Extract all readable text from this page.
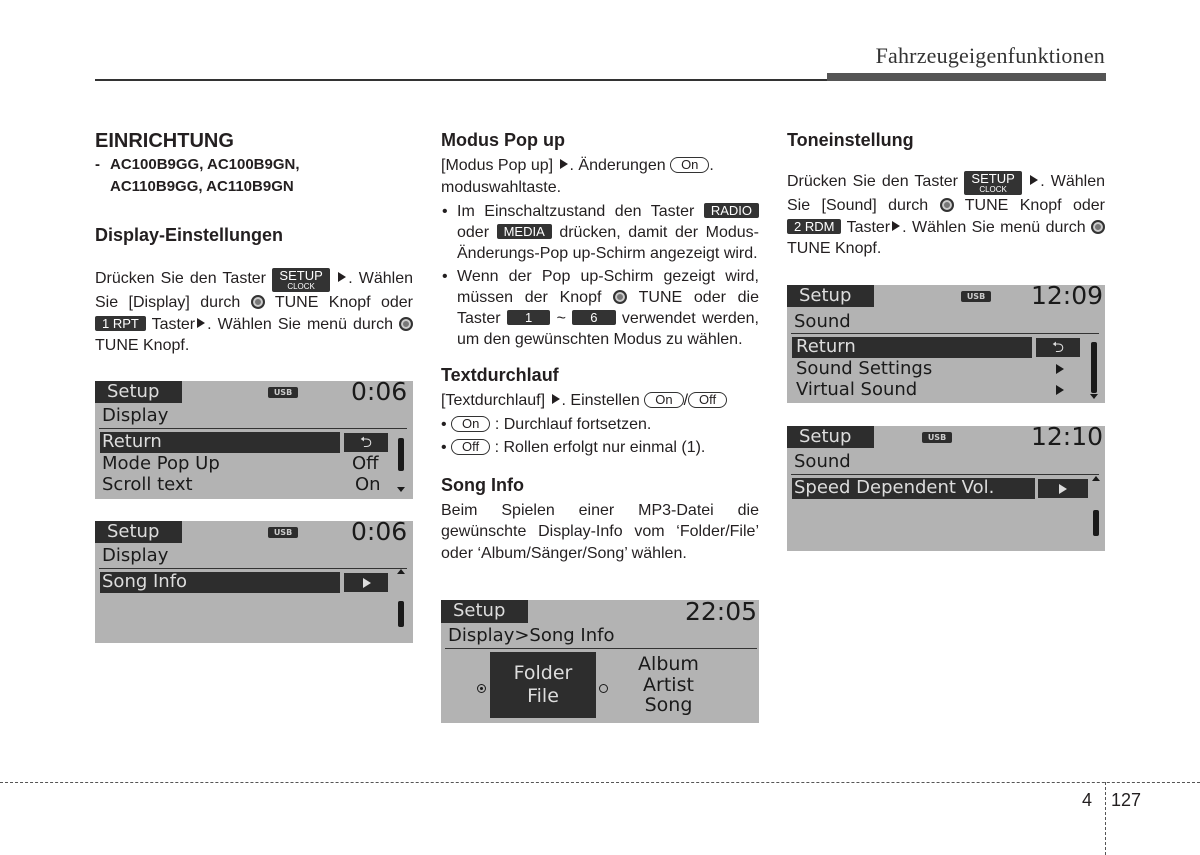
Fahrzeugeigenfunktionen
EINRICHTUNG
- AC100B9GG, AC100B9GN,
AC110B9GG, AC110B9GN
Display-Einstellungen

Drücken Sie den Taster	SETUP
CLOCK	. Wählen Sie [Display] durch TUNE Knopf oder 1 RPT Taster . Wählen Sie menü durch  TUNE Knopf.

Setup	USB 0:06
Display
Return	⮌
Mode Pop Up	Off
Scroll text	On
Setup	USB 0:06
Display
Song Info
Modus Pop up

[Modus Pop up] . Änderungen On .
moduswahltaste.

• Im Einschaltzustand den Taster RADIO oder MEDIA drücken, damit der Modus-Änderungs-Pop up-Schirm angezeigt wird.
• Wenn der Pop up-Schirm gezeigt wird, müssen der Knopf TUNE oder die Taster 1 ~ 6 verwendet werden, um den gewünschten Modus zu wählen.
Textdurchlauf

[Textdurchlauf] . Einstellen On / Off

• On : Durchlauf fortsetzen.

• Off : Rollen erfolgt nur einmal (1).

Song Info

Beim Spielen einer MP3-Datei die gewünschte Display-Info vom ‘Folder/File’ oder ‘Album/Sänger/Song’ wählen.

Setup	22:05
Display>Song Info
Folder
File
Album
Artist
Song
Toneinstellung

Drücken Sie den Taster	SETUP
CLOCK	. Wählen Sie [Sound] durch TUNE Knopf oder 2 RDM Taster . Wählen Sie menü durch  TUNE Knopf.

Setup	USB 12:09
Sound
Return	⮌
Sound Settings
Virtual Sound
Setup	USB	12:10
Sound
Speed Dependent Vol.
4 127
